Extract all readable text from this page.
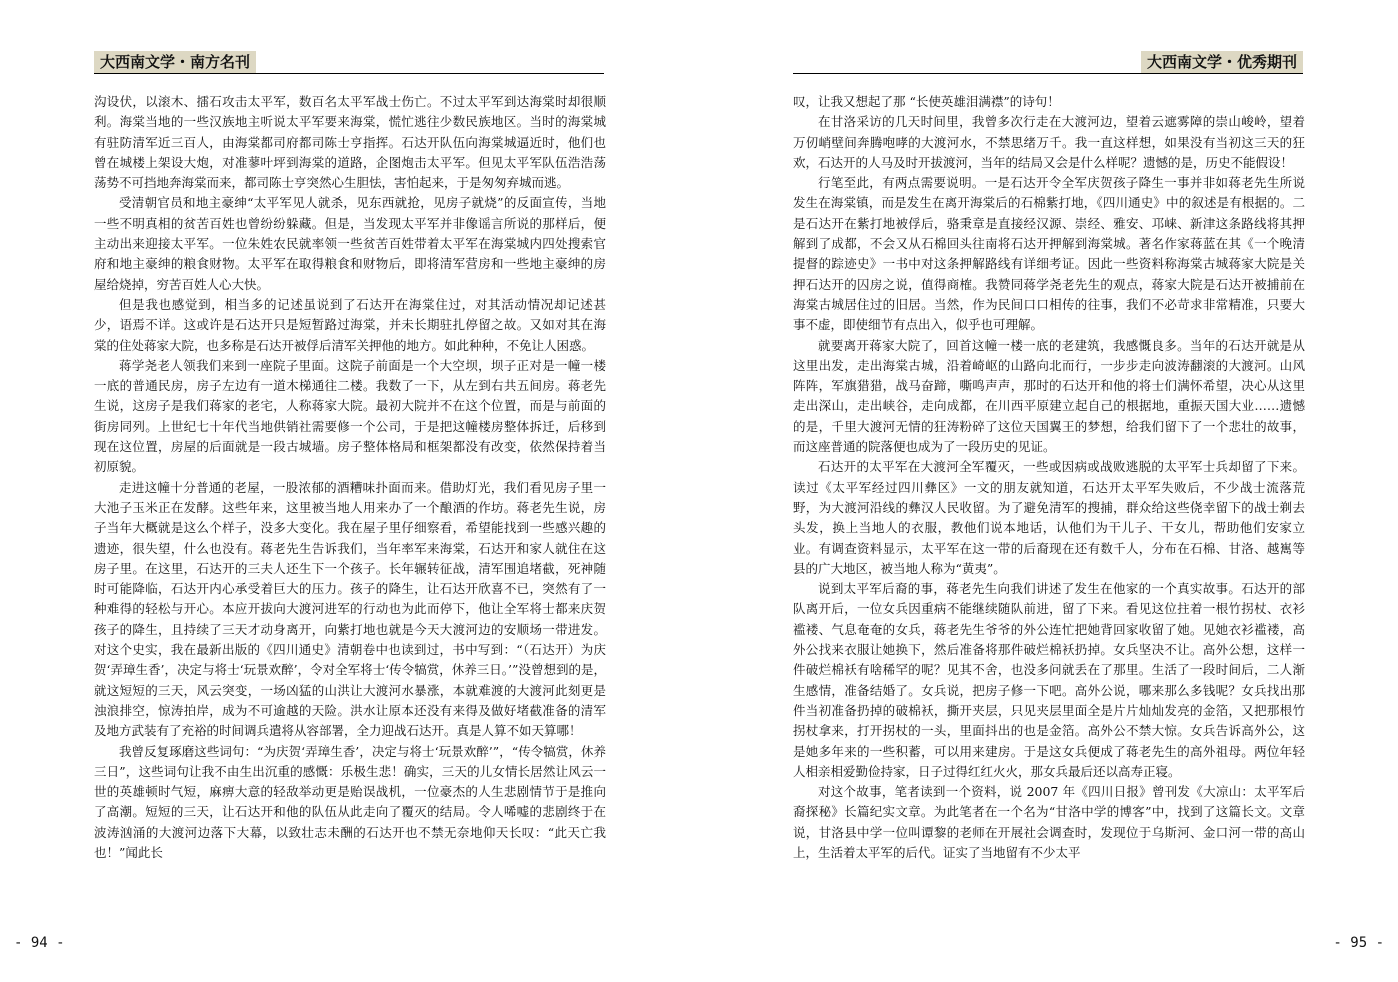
大西南文学・南方名刊

沟设伏，以滚木、擂石攻击太平军，数百名太平军战士伤亡。不过太平军到达海棠时却很顺利。海棠当地的一些汉族地主听说太平军要来海棠，慌忙逃往少数民族地区。当时的海棠城有驻防清军近三百人，由海棠都司府都司陈士亨指挥。石达开队伍向海棠城逼近时，他们也曾在城楼上架设大炮，对准蓼叶坪到海棠的道路，企图炮击太平军。但见太平军队伍浩浩荡荡势不可挡地奔海棠而来，都司陈士亨突然心生胆怯，害怕起来，于是匆匆弃城而逃。

受清朝官员和地主豪绅“太平军见人就杀，见东西就抢，见房子就烧”的反面宣传，当地一些不明真相的贫苦百姓也曾纷纷躲藏。但是，当发现太平军并非像谣言所说的那样后，便主动出来迎接太平军。一位朱姓农民就率领一些贫苦百姓带着太平军在海棠城内四处搜索官府和地主豪绅的粮食财物。太平军在取得粮食和财物后，即将清军营房和一些地主豪绅的房屋给烧掉，穷苦百姓人心大快。

但是我也感觉到，相当多的记述虽说到了石达开在海棠住过，对其活动情况却记述甚少，语焉不详。这或许是石达开只是短暂路过海棠，并未长期驻扎停留之故。又如对其在海棠的住处蒋家大院，也多称是石达开被俘后清军关押他的地方。如此种种，不免让人困惑。

蒋学尧老人领我们来到一座院子里面。这院子前面是一个大空坝，坝子正对是一幢一楼一底的普通民房，房子左边有一道木梯通往二楼。我数了一下，从左到右共五间房。蒋老先生说，这房子是我们蒋家的老宅，人称蒋家大院。最初大院并不在这个位置，而是与前面的街房同列。上世纪七十年代当地供销社需要修一个公司，于是把这幢楼房整体拆迁，后移到现在这位置，房屋的后面就是一段古城墙。房子整体格局和框架都没有改变，依然保持着当初原貌。

走进这幢十分普通的老屋，一股浓郁的酒糟味扑面而来。借助灯光，我们看见房子里一大池子玉米正在发酵。这些年来，这里被当地人用来办了一个酿酒的作坊。蒋老先生说，房子当年大概就是这么个样子，没多大变化。我在屋子里仔细察看，希望能找到一些感兴趣的遗迹，很失望，什么也没有。蒋老先生告诉我们，当年率军来海棠，石达开和家人就住在这房子里。在这里，石达开的三夫人还生下一个孩子。长年辗转征战，清军围追堵截，死神随时可能降临，石达开内心承受着巨大的压力。孩子的降生，让石达开欣喜不已，突然有了一种难得的轻松与开心。本应开拔向大渡河进军的行动也为此而停下，他让全军将士都来庆贺孩子的降生，且持续了三天才动身离开，向紫打地也就是今天大渡河边的安顺场一带进发。对这个史实，我在最新出版的《四川通史》清朝卷中也读到过，书中写到：“（石达开）为庆贺‘弄璋生香’，决定与将士‘玩景欢醉’，令对全军将士‘传令犒赏，休养三日。’”没曾想到的是，就这短短的三天，风云突变，一场凶猛的山洪让大渡河水暴涨，本就难渡的大渡河此刻更是浊浪排空，惊涛拍岸，成为不可逾越的天险。洪水让原本还没有来得及做好堵截准备的清军及地方武装有了充裕的时间调兵遣将从容部署，全力迎战石达开。真是人算不如天算哪！

我曾反复琢磨这些词句：“为庆贺‘弄璋生香’，决定与将士‘玩景欢醉’”，“传令犒赏，休养三日”，这些词句让我不由生出沉重的感慨：乐极生悲！确实，三天的儿女情长居然让风云一世的英雄顿时气短，麻痹大意的轻敌举动更是贻误战机，一位豪杰的人生悲剧情节于是推向了高潮。短短的三天，让石达开和他的队伍从此走向了覆灭的结局。令人唏嘘的悲剧终于在波涛汹涌的大渡河边落下大幕，以致壮志未酬的石达开也不禁无奈地仰天长叹：“此天亡我也！”闻此长

- 94 -
大西南文学・优秀期刊

叹，让我又想起了那 “长使英雄泪满襟”的诗句！

在甘洛采访的几天时间里，我曾多次行走在大渡河边，望着云遮雾障的崇山峻岭，望着万仞峭壁间奔腾咆哮的大渡河水，不禁思绪万千。我一直这样想，如果没有当初这三天的狂欢，石达开的人马及时开拔渡河，当年的结局又会是什么样呢？遗憾的是，历史不能假设！

行笔至此，有两点需要说明。一是石达开令全军庆贺孩子降生一事并非如蒋老先生所说发生在海棠镇，而是发生在离开海棠后的石棉紫打地，《四川通史》中的叙述是有根据的。二是石达开在紫打地被俘后，骆秉章是直接经汉源、崇经、雅安、邛崃、新津这条路线将其押解到了成都，不会又从石棉回头往南将石达开押解到海棠城。著名作家蒋蓝在其《一个晚清提督的踪迹史》一书中对这条押解路线有详细考证。因此一些资料称海棠古城蒋家大院是关押石达开的囚房之说，值得商榷。我赞同蒋学尧老先生的观点，蒋家大院是石达开被捕前在海棠古城居住过的旧居。当然，作为民间口口相传的往事，我们不必苛求非常精准，只要大事不虚，即使细节有点出入，似乎也可理解。

就要离开蒋家大院了，回首这幢一楼一底的老建筑，我感慨良多。当年的石达开就是从这里出发，走出海棠古城，沿着崎岖的山路向北而行，一步步走向波涛翻滚的大渡河。山风阵阵，军旗猎猎，战马奋蹄，嘶鸣声声，那时的石达开和他的将士们满怀希望，决心从这里走出深山，走出峡谷，走向成都，在川西平原建立起自己的根据地，重振天国大业……遗憾的是，千里大渡河无情的狂涛粉碎了这位天国翼王的梦想，给我们留下了一个悲壮的故事，而这座普通的院落便也成为了一段历史的见证。

石达开的太平军在大渡河全军覆灭，一些或因病或战败逃脱的太平军士兵却留了下来。读过《太平军经过四川彝区》一文的朋友就知道，石达开太平军失败后，不少战士流落荒野，为大渡河沿线的彝汉人民收留。为了避免清军的搜捕，群众给这些侥幸留下的战士剃去头发，换上当地人的衣服，教他们说本地话，认他们为干儿子、干女儿，帮助他们安家立业。有调查资料显示，太平军在这一带的后裔现在还有数千人，分布在石棉、甘洛、越嶲等县的广大地区，被当地人称为“黄夷”。

说到太平军后裔的事，蒋老先生向我们讲述了发生在他家的一个真实故事。石达开的部队离开后，一位女兵因重病不能继续随队前进，留了下来。看见这位拄着一根竹拐杖、衣衫褴褛、气息奄奄的女兵，蒋老先生爷爷的外公连忙把她背回家收留了她。见她衣衫褴褛，高外公找来衣服让她换下，然后准备将那件破烂棉袄扔掉。女兵坚决不让。高外公想，这样一件破烂棉袄有啥稀罕的呢？见其不舍，也没多问就丢在了那里。生活了一段时间后，二人渐生感情，准备结婚了。女兵说，把房子修一下吧。高外公说，哪来那么多钱呢？女兵找出那件当初准备扔掉的破棉袄，撕开夹层，只见夹层里面全是片片灿灿发亮的金箔，又把那根竹拐杖拿来，打开拐杖的一头，里面抖出的也是金箔。高外公不禁大惊。女兵告诉高外公，这是她多年来的一些积蓄，可以用来建房。于是这女兵便成了蒋老先生的高外祖母。两位年轻人相亲相爱勤俭持家，日子过得红红火火，那女兵最后还以高寿正寝。

对这个故事，笔者读到一个资料，说 2007 年《四川日报》曾刊发《大凉山：太平军后裔探秘》长篇纪实文章。为此笔者在一个名为“甘洛中学的博客”中，找到了这篇长文。文章说，甘洛县中学一位叫谭黎的老师在开展社会调查时，发现位于乌斯河、金口河一带的高山上，生活着太平军的后代。证实了当地留有不少太平

- 95 -
